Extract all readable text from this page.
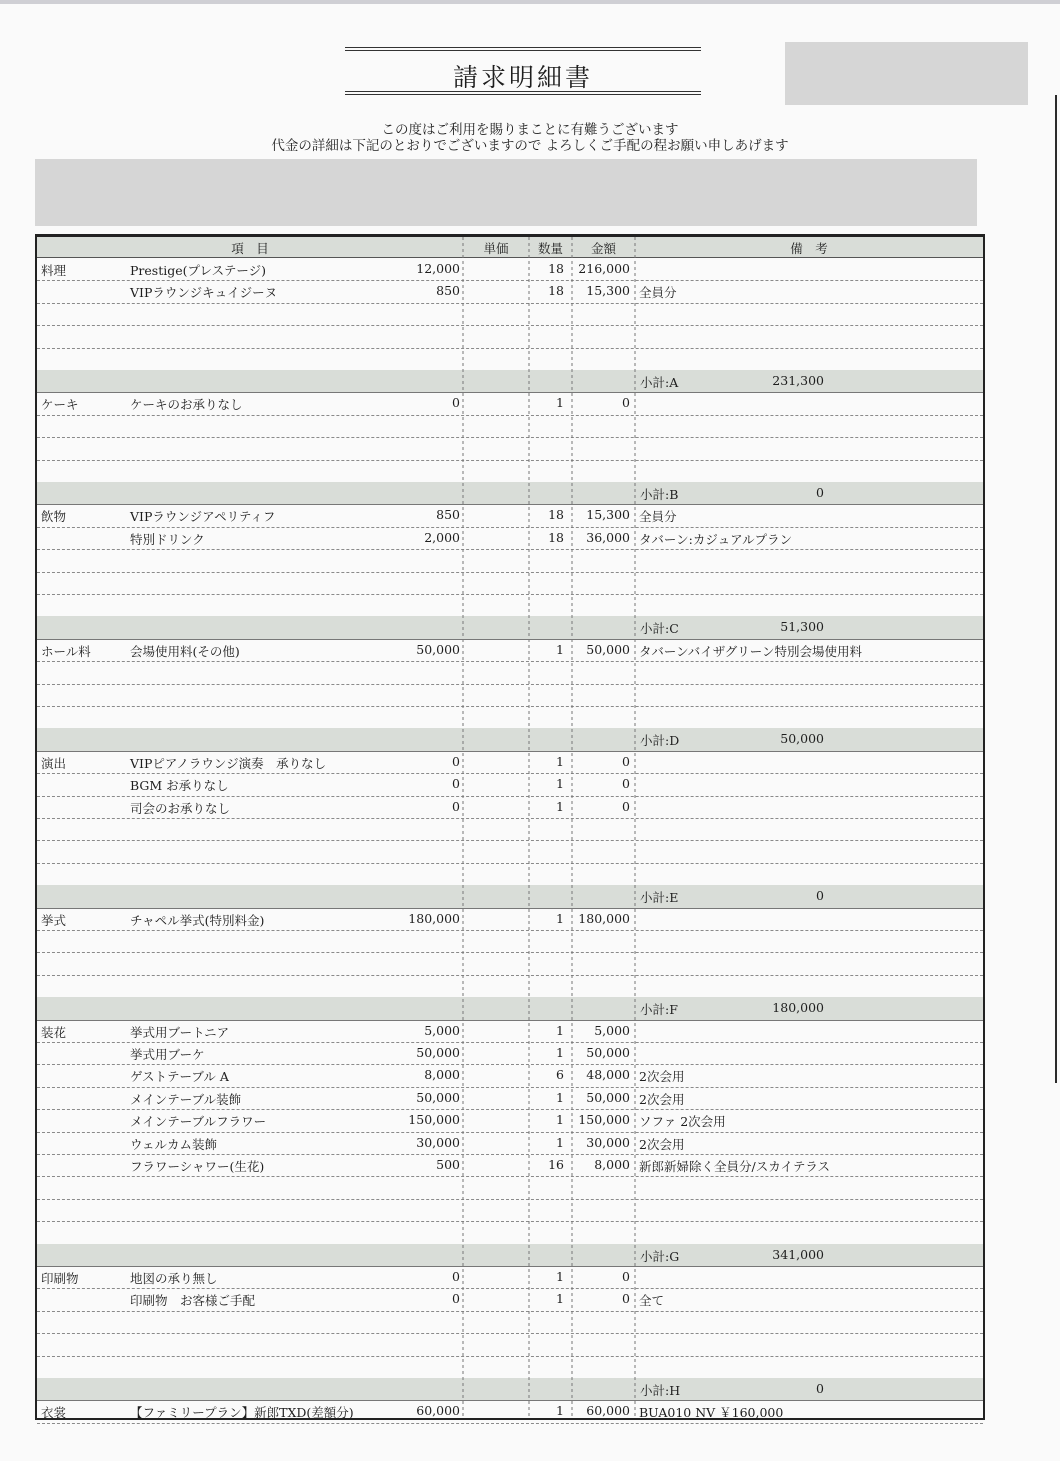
請求明細書
この度はご利用を賜りまことに有難うございます
代金の詳細は下記のとおりでございますので よろしくご手配の程お願い申しあげます
項　目	単価	数量	金額	備　考
料理	Prestige(プレステージ)	12,000	18 216,000
VIPラウンジキュイジーヌ	850	18 15,300 全員分
小計:A	231,300
ケーキ	ケーキのお承りなし	0	1	0
小計:B	0
飲物	VIPラウンジアペリティフ	850	18 15,300 全員分
特別ドリンク	2,000	18 36,000 タバーン:カジュアルプラン
小計:C	51,300
ホール料	会場使用料(その他)	50,000	1 50,000 タバーンバイザグリーン特別会場使用料
小計:D	50,000
演出	VIPピアノラウンジ演奏　承りなし	0	1	0
BGM お承りなし	0	1	0
司会のお承りなし	0	1	0
小計:E	0
挙式	チャペル挙式(特別料金)	180,000	1 180,000
小計:F	180,000
装花	挙式用ブートニア	5,000	1 5,000
挙式用ブーケ	50,000	1 50,000
ゲストテーブル A	8,000	6 48,000 2次会用
メインテーブル装飾	50,000	1 50,000 2次会用
メインテーブルフラワー	150,000	1 150,000 ソファ 2次会用
ウェルカム装飾	30,000	1 30,000 2次会用
フラワーシャワー(生花)	500	16 8,000 新郎新婦除く全員分/スカイテラス
小計:G	341,000
印刷物	地図の承り無し	0	1	0
印刷物　お客様ご手配	0	1	0 全て
小計:H	0
衣裳	【ファミリープラン】新郎TXD(差額分)	60,000	1 60,000 BUA010 NV ￥160,000
